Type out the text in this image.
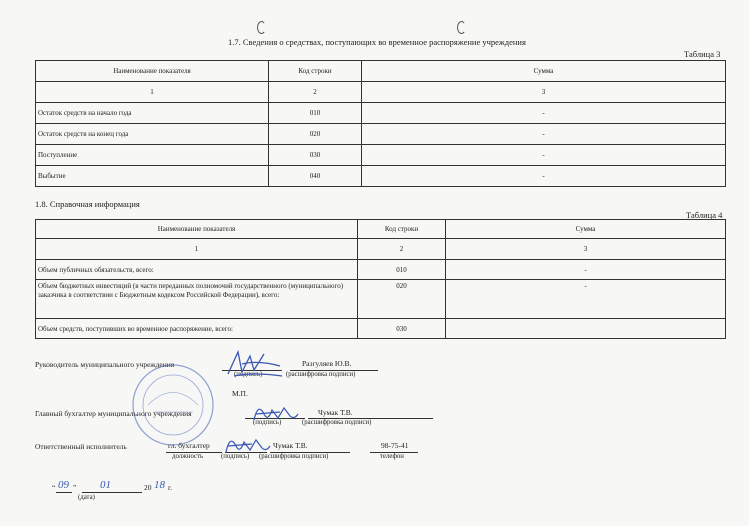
1.7. Сведения о средствах, поступающих во временное распоряжение учреждения
Таблица 3
Наименование показателя	Код строки	Сумма
1	2	3
Остаток средств на начало года	010	-
Остаток средств на конец года	020	-
Поступление	030	-
Выбытие	040	-
1.8. Справочная информация
Таблица 4
Наименование показателя	Код строки	Сумма
1	2	3
Объем публичных обязательств, всего:	010	-
Объем бюджетных инвестиций (в части переданных полномочий государственного (муниципального) заказчика в соответствии с Бюджетным кодексом Российской Федерации), всего:	020	-
Объем средств, поступивших во временное распоряжение, всего:	030	
Руководитель муниципального учреждения	Разгуляев Ю.В.
(подпись)	(расшифровка подписи)
М.П.
Главный бухгалтер муниципального учреждения	Чумак Т.В.
(подпись)	(расшифровка подписи)
Ответственный исполнитель	гл. бухгалтер	Чумак Т.В.	98-75-41
должность	(подпись) (расшифровка подписи)	телефон
“ 09 ” 01	20 18 г.
(дата)
